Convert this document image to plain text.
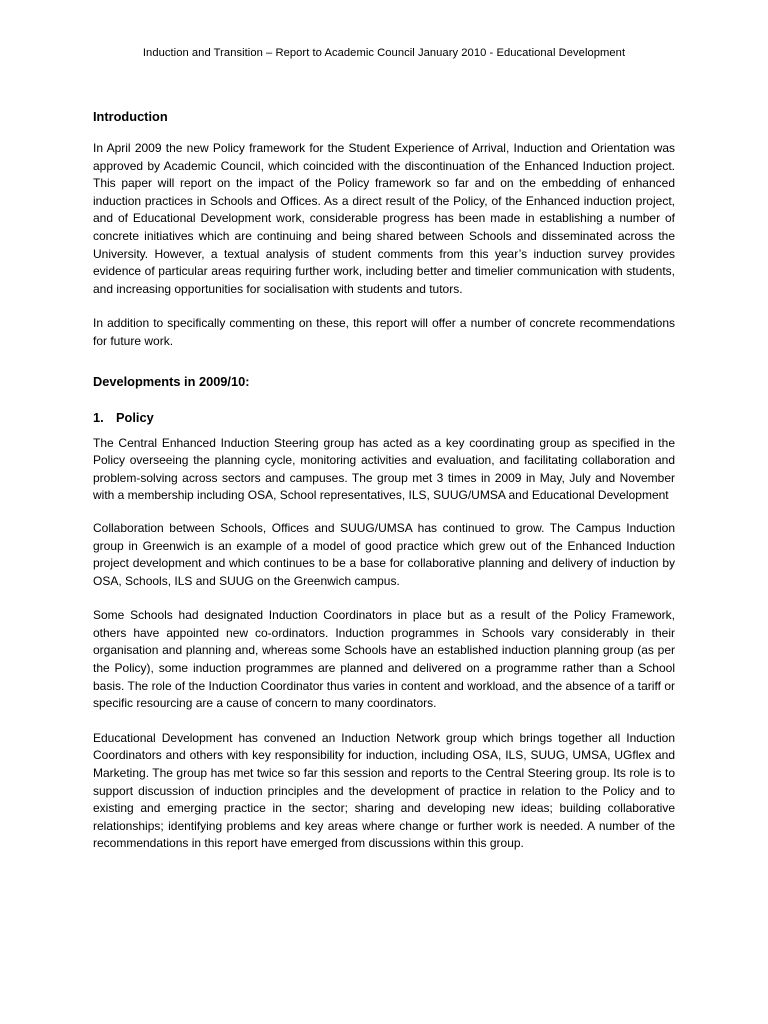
Induction and Transition – Report to Academic Council January 2010 - Educational Development
Introduction

In April 2009 the new Policy framework for the Student Experience of Arrival, Induction and Orientation was approved by Academic Council, which coincided with the discontinuation of the Enhanced Induction project. This paper will report on the impact of the Policy framework so far and on the embedding of enhanced induction practices in Schools and Offices. As a direct result of the Policy, of the Enhanced induction project, and of Educational Development work, considerable progress has been made in establishing a number of concrete initiatives which are continuing and being shared between Schools and disseminated across the University. However, a textual analysis of student comments from this year’s induction survey provides evidence of particular areas requiring further work, including better and timelier communication with students, and increasing opportunities for socialisation with students and tutors.

In addition to specifically commenting on these, this report will offer a number of concrete recommendations for future work.

Developments in 2009/10:
1. Policy

The Central Enhanced Induction Steering group has acted as a key coordinating group as specified in the Policy overseeing the planning cycle, monitoring activities and evaluation, and facilitating collaboration and problem-solving across sectors and campuses. The group met 3 times in 2009 in May, July and November with a membership including OSA, School representatives, ILS, SUUG/UMSA and Educational Development

Collaboration between Schools, Offices and SUUG/UMSA has continued to grow. The Campus Induction group in Greenwich is an example of a model of good practice which grew out of the Enhanced Induction project development and which continues to be a base for collaborative planning and delivery of induction by OSA, Schools, ILS and SUUG on the Greenwich campus.

Some Schools had designated Induction Coordinators in place but as a result of the Policy Framework, others have appointed new co-ordinators. Induction programmes in Schools vary considerably in their organisation and planning and, whereas some Schools have an established induction planning group (as per the Policy), some induction programmes are planned and delivered on a programme rather than a School basis. The role of the Induction Coordinator thus varies in content and workload, and the absence of a tariff or specific resourcing are a cause of concern to many coordinators.

Educational Development has convened an Induction Network group which brings together all Induction Coordinators and others with key responsibility for induction, including OSA, ILS, SUUG, UMSA, UGflex and Marketing. The group has met twice so far this session and reports to the Central Steering group. Its role is to support discussion of induction principles and the development of practice in relation to the Policy and to existing and emerging practice in the sector; sharing and developing new ideas; building collaborative relationships; identifying problems and key areas where change or further work is needed. A number of the recommendations in this report have emerged from discussions within this group.
